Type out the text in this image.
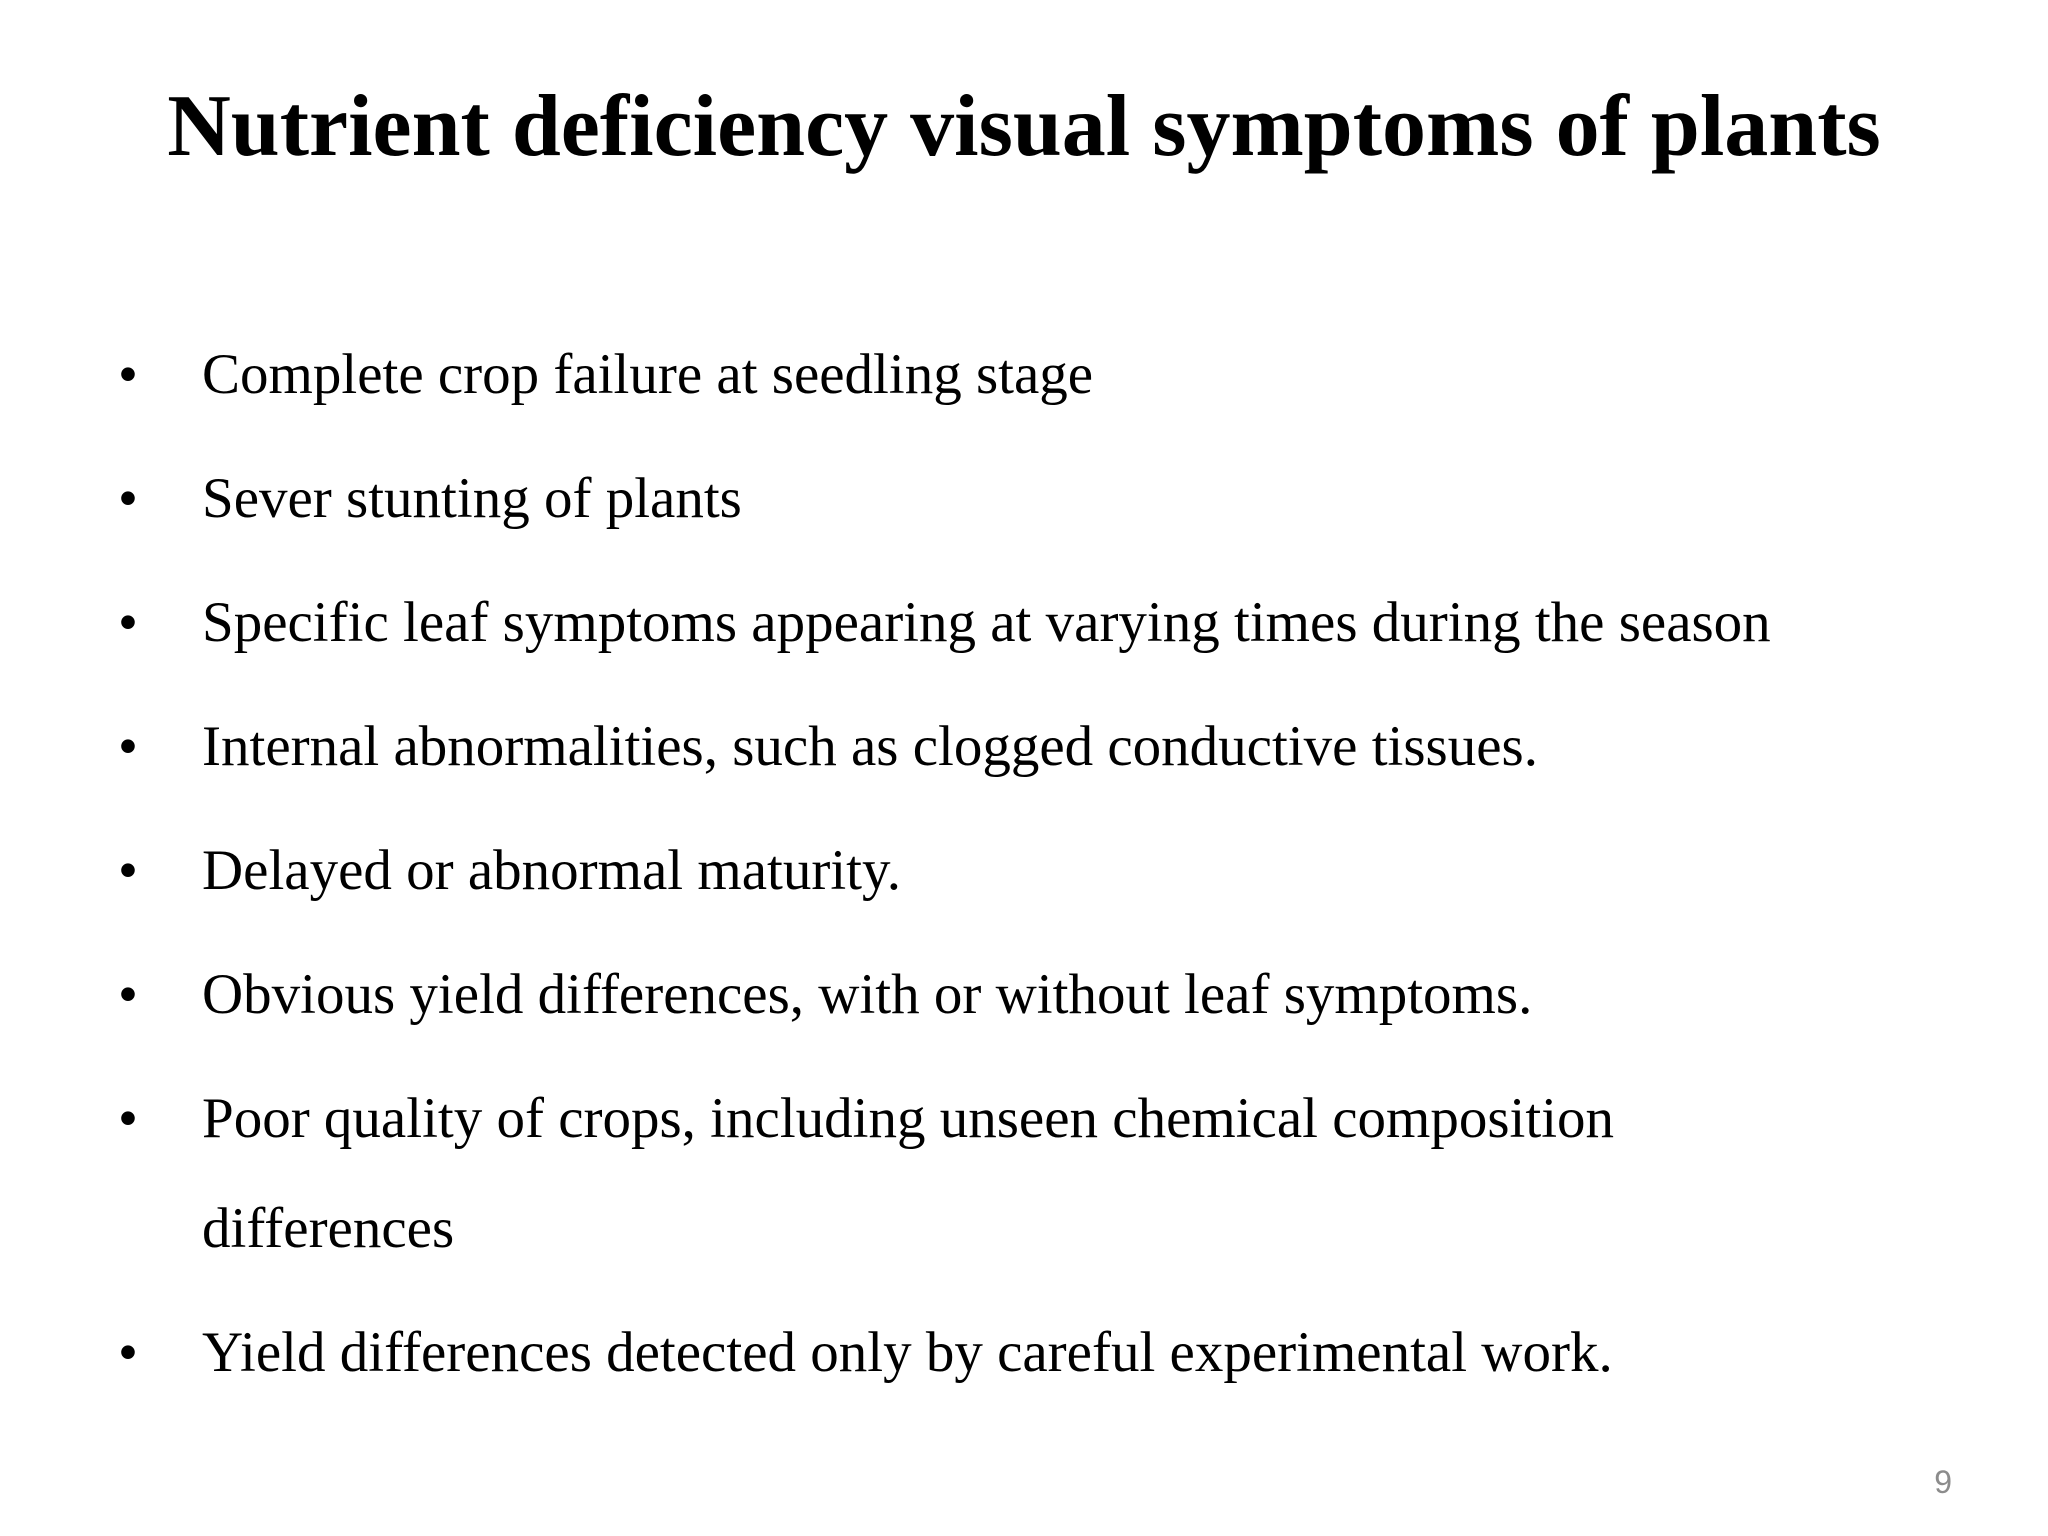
Nutrient deficiency visual symptoms of plants
•	Complete crop failure at seedling stage
•	Sever stunting of plants
•	Specific leaf symptoms appearing at varying times during the season
•	Internal abnormalities, such as clogged conductive tissues.
•	Delayed or abnormal maturity.
•	Obvious yield differences, with or without leaf symptoms.
•	Poor quality of crops, including unseen chemical composition differences
•	Yield differences detected only by careful experimental work.
9
